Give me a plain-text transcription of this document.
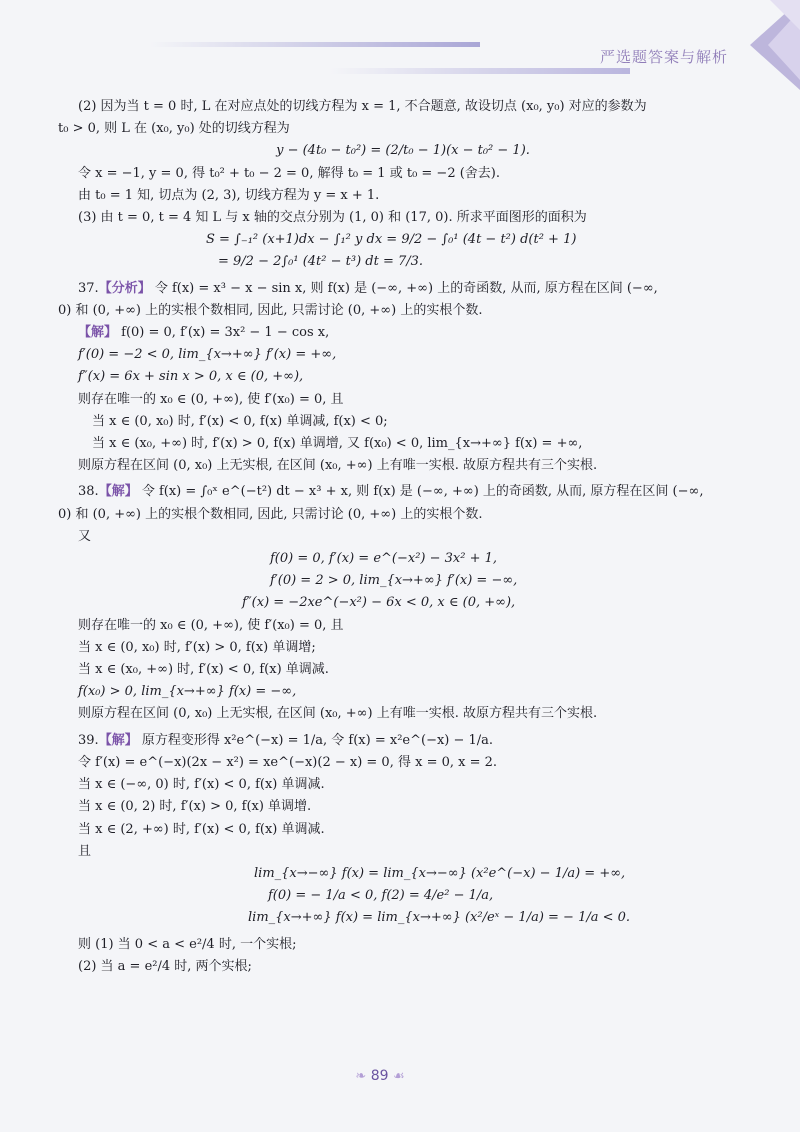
严选题答案与解析

(2) 因为当 t = 0 时, L 在对应点处的切线方程为 x = 1, 不合题意, 故设切点 (x₀, y₀) 对应的参数为

t₀ > 0, 则 L 在 (x₀, y₀) 处的切线方程为

y − (4t₀ − t₀²) = (2/t₀ − 1)(x − t₀² − 1).

令 x = −1, y = 0, 得 t₀² + t₀ − 2 = 0, 解得 t₀ = 1 或 t₀ = −2 (舍去).

由 t₀ = 1 知, 切点为 (2, 3), 切线方程为 y = x + 1.

(3) 由 t = 0, t = 4 知 L 与 x 轴的交点分别为 (1, 0) 和 (17, 0). 所求平面图形的面积为

S = ∫₋₁² (x+1)dx − ∫₁² y dx = 9/2 − ∫₀¹ (4t − t²) d(t² + 1)

= 9/2 − 2∫₀¹ (4t² − t³) dt = 7/3.

37.【分析】 令 f(x) = x³ − x − sin x, 则 f(x) 是 (−∞, +∞) 上的奇函数, 从而, 原方程在区间 (−∞,

0) 和 (0, +∞) 上的实根个数相同, 因此, 只需讨论 (0, +∞) 上的实根个数.

【解】 f(0) = 0, f′(x) = 3x² − 1 − cos x,

f′(0) = −2 < 0, lim_{x→+∞} f′(x) = +∞,

f″(x) = 6x + sin x > 0, x ∈ (0, +∞),

则存在唯一的 x₀ ∈ (0, +∞), 使 f′(x₀) = 0, 且

当 x ∈ (0, x₀) 时, f′(x) < 0, f(x) 单调减, f(x) < 0;

当 x ∈ (x₀, +∞) 时, f′(x) > 0, f(x) 单调增, 又 f(x₀) < 0, lim_{x→+∞} f(x) = +∞,

则原方程在区间 (0, x₀) 上无实根, 在区间 (x₀, +∞) 上有唯一实根. 故原方程共有三个实根.

38.【解】 令 f(x) = ∫₀ˣ e^(−t²) dt − x³ + x, 则 f(x) 是 (−∞, +∞) 上的奇函数, 从而, 原方程在区间 (−∞,

0) 和 (0, +∞) 上的实根个数相同, 因此, 只需讨论 (0, +∞) 上的实根个数.

又

f(0) = 0, f′(x) = e^(−x²) − 3x² + 1,

f′(0) = 2 > 0, lim_{x→+∞} f′(x) = −∞,

f″(x) = −2xe^(−x²) − 6x < 0, x ∈ (0, +∞),

则存在唯一的 x₀ ∈ (0, +∞), 使 f′(x₀) = 0, 且

当 x ∈ (0, x₀) 时, f′(x) > 0, f(x) 单调增;

当 x ∈ (x₀, +∞) 时, f′(x) < 0, f(x) 单调减.

f(x₀) > 0, lim_{x→+∞} f(x) = −∞,

则原方程在区间 (0, x₀) 上无实根, 在区间 (x₀, +∞) 上有唯一实根. 故原方程共有三个实根.

39.【解】 原方程变形得 x²e^(−x) = 1/a, 令 f(x) = x²e^(−x) − 1/a.

令 f′(x) = e^(−x)(2x − x²) = xe^(−x)(2 − x) = 0, 得 x = 0, x = 2.

当 x ∈ (−∞, 0) 时, f′(x) < 0, f(x) 单调减.

当 x ∈ (0, 2) 时, f′(x) > 0, f(x) 单调增.

当 x ∈ (2, +∞) 时, f′(x) < 0, f(x) 单调减.

且

lim_{x→−∞} f(x) = lim_{x→−∞} (x²e^(−x) − 1/a) = +∞,

f(0) = − 1/a < 0, f(2) = 4/e² − 1/a,

lim_{x→+∞} f(x) = lim_{x→+∞} (x²/eˣ − 1/a) = − 1/a < 0.

则 (1) 当 0 < a < e²/4 时, 一个实根;

(2) 当 a = e²/4 时, 两个实根;

❧ 89 ☙
